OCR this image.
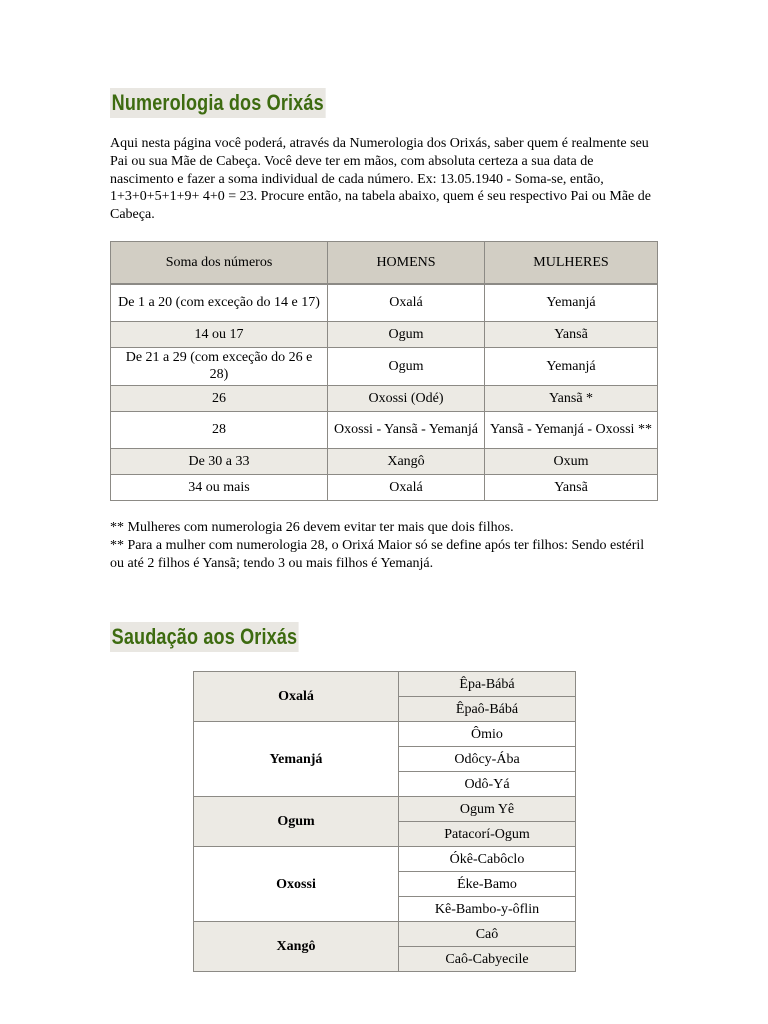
Numerologia dos Orixás

Aqui nesta página você poderá, através da Numerologia dos Orixás, saber quem é realmente seu Pai ou sua Mãe de Cabeça. Você deve ter em mãos, com absoluta certeza a sua data de nascimento e fazer a soma individual de cada número. Ex: 13.05.1940 - Soma-se, então, 1+3+0+5+1+9+ 4+0 = 23. Procure então, na tabela abaixo, quem é seu respectivo Pai ou Mãe de Cabeça.

Soma dos números	HOMENS	MULHERES
De 1 a 20 (com exceção do 14 e 17)	Oxalá	Yemanjá
14 ou 17	Ogum	Yansã
De 21 a 29 (com exceção do 26 e 28)	Ogum	Yemanjá
26	Oxossi (Odé)	Yansã *
28	Oxossi - Yansã - Yemanjá	Yansã - Yemanjá - Oxossi **
De 30 a 33	Xangô	Oxum
34 ou mais	Oxalá	Yansã

** Mulheres com numerologia 26 devem evitar ter mais que dois filhos.

** Para a mulher com numerologia 28, o Orixá Maior só se define após ter filhos: Sendo estéril ou até 2 filhos é Yansã; tendo 3 ou mais filhos é Yemanjá.

Saudação aos Orixás
Oxalá	Êpa-Bábá
	Êpaô-Bábá
Yemanjá	Ômio
	Odôcy-Ába
	Odô-Yá
Ogum	Ogum Yê
	Patacorí-Ogum
Oxossi	Ókê-Cabôclo
	Éke-Bamo
	Kê-Bambo-y-ôflin
Xangô	Caô
	Caô-Cabyecile
